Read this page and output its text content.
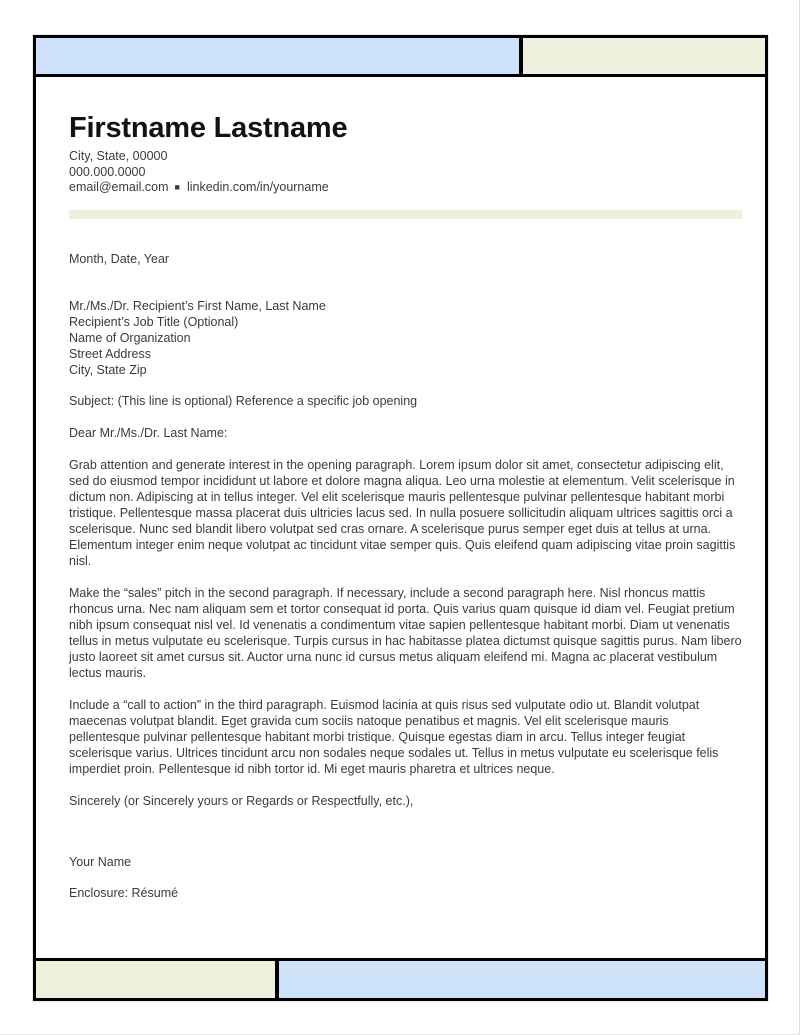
Firstname Lastname
City, State, 00000
000.000.0000
email@email.com ■ linkedin.com/in/yourname
Month, Date, Year
Mr./Ms./Dr. Recipient’s First Name, Last Name
Recipient’s Job Title (Optional)
Name of Organization
Street Address
City, State Zip
Subject: (This line is optional) Reference a specific job opening
Dear Mr./Ms./Dr. Last Name:

Grab attention and generate interest in the opening paragraph. Lorem ipsum dolor sit amet, consectetur adipiscing elit, sed do eiusmod tempor incididunt ut labore et dolore magna aliqua. Leo urna molestie at elementum. Velit scelerisque in dictum non. Adipiscing at in tellus integer. Vel elit scelerisque mauris pellentesque pulvinar pellentesque habitant morbi tristique. Pellentesque massa placerat duis ultricies lacus sed. In nulla posuere sollicitudin aliquam ultrices sagittis orci a scelerisque. Nunc sed blandit libero volutpat sed cras ornare. A scelerisque purus semper eget duis at tellus at urna. Elementum integer enim neque volutpat ac tincidunt vitae semper quis. Quis eleifend quam adipiscing vitae proin sagittis nisl.

Make the “sales” pitch in the second paragraph. If necessary, include a second paragraph here. Nisl rhoncus mattis rhoncus urna. Nec nam aliquam sem et tortor consequat id porta. Quis varius quam quisque id diam vel. Feugiat pretium nibh ipsum consequat nisl vel. Id venenatis a condimentum vitae sapien pellentesque habitant morbi. Diam ut venenatis tellus in metus vulputate eu scelerisque. Turpis cursus in hac habitasse platea dictumst quisque sagittis purus. Nam libero justo laoreet sit amet cursus sit. Auctor urna nunc id cursus metus aliquam eleifend mi. Magna ac placerat vestibulum lectus mauris.

Include a “call to action” in the third paragraph. Euismod lacinia at quis risus sed vulputate odio ut. Blandit volutpat maecenas volutpat blandit. Eget gravida cum sociis natoque penatibus et magnis. Vel elit scelerisque mauris pellentesque pulvinar pellentesque habitant morbi tristique. Quisque egestas diam in arcu. Tellus integer feugiat scelerisque varius. Ultrices tincidunt arcu non sodales neque sodales ut. Tellus in metus vulputate eu scelerisque felis imperdiet proin. Pellentesque id nibh tortor id. Mi eget mauris pharetra et ultrices neque.

Sincerely (or Sincerely yours or Regards or Respectfully, etc.),
Your Name
Enclosure: Résumé
